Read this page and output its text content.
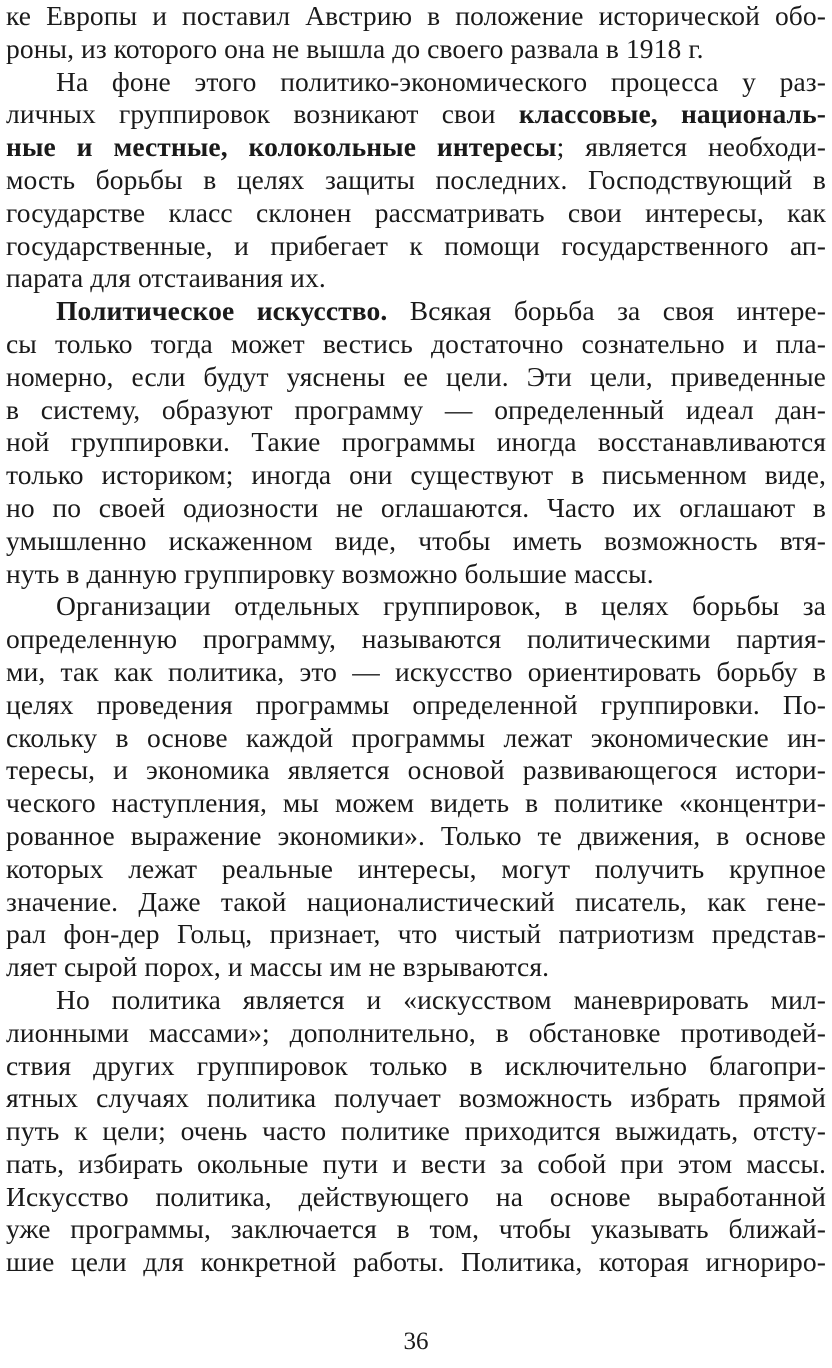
ке Европы и поставил Австрию в положение исторической обо-
роны, из которого она не вышла до своего развала в 1918 г.
На фоне этого политико-экономического процесса у раз-
личных группировок возникают свои классовые, националь-
ные и местные, колокольные интересы; является необходи-
мость борьбы в целях защиты последних. Господствующий в
государстве класс склонен рассматривать свои интересы, как
государственные, и прибегает к помощи государственного ап-
парата для отстаивания их.
Политическое искусство. Всякая борьба за своя интере-
сы только тогда может вестись достаточно сознательно и пла-
номерно, если будут уяснены ее цели. Эти цели, приведенные
в систему, образуют программу — определенный идеал дан-
ной группировки. Такие программы иногда восстанавливаются
только историком; иногда они существуют в письменном виде,
но по своей одиозности не оглашаются. Часто их оглашают в
умышленно искаженном виде, чтобы иметь возможность втя-
нуть в данную группировку возможно большие массы.
Организации отдельных группировок, в целях борьбы за
определенную программу, называются политическими партия-
ми, так как политика, это — искусство ориентировать борьбу в
целях проведения программы определенной группировки. По-
скольку в основе каждой программы лежат экономические ин-
тересы, и экономика является основой развивающегося истори-
ческого наступления, мы можем видеть в политике «концентри-
рованное выражение экономики». Только те движения, в основе
которых лежат реальные интересы, могут получить крупное
значение. Даже такой националистический писатель, как гене-
рал фон-дер Гольц, признает, что чистый патриотизм представ-
ляет сырой порох, и массы им не взрываются.
Но политика является и «искусством маневрировать мил-
лионными массами»; дополнительно, в обстановке противодей-
ствия других группировок только в исключительно благопри-
ятных случаях политика получает возможность избрать прямой
путь к цели; очень часто политике приходится выжидать, отсту-
пать, избирать окольные пути и вести за собой при этом массы.
Искусство политика, действующего на основе выработанной
уже программы, заключается в том, чтобы указывать ближай-
шие цели для конкретной работы. Политика, которая игнориро-
36
